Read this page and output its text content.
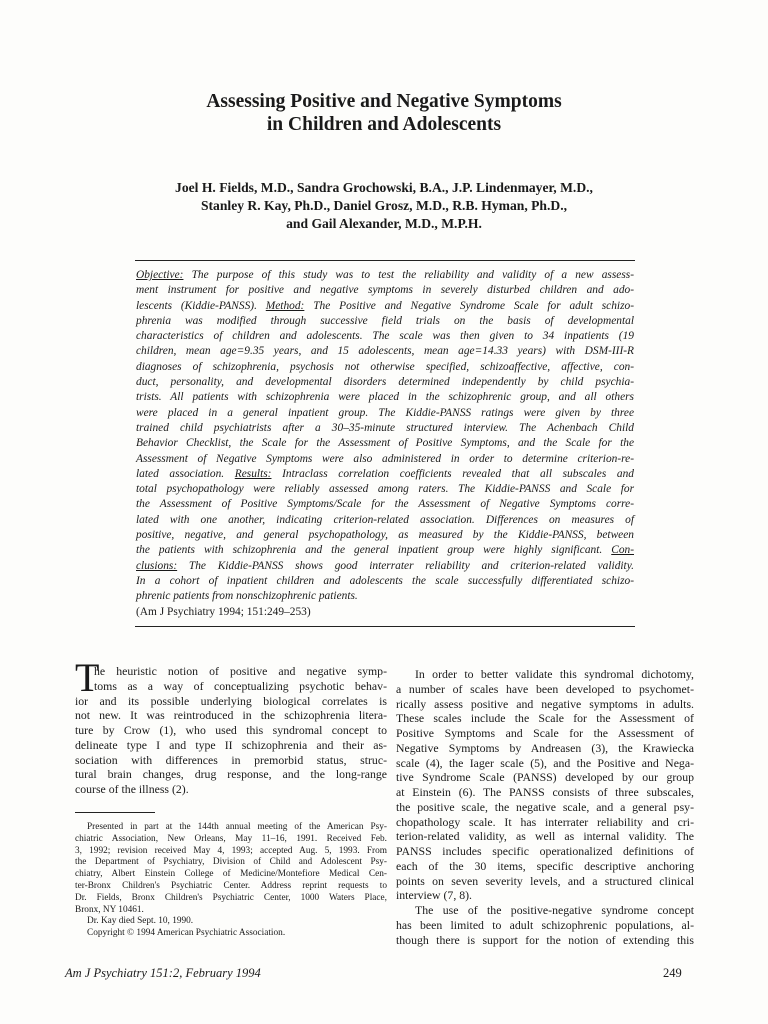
Assessing Positive and Negative Symptoms
in Children and Adolescents
Joel H. Fields, M.D., Sandra Grochowski, B.A., J.P. Lindenmayer, M.D.,
Stanley R. Kay, Ph.D., Daniel Grosz, M.D., R.B. Hyman, Ph.D.,
and Gail Alexander, M.D., M.P.H.
Objective: The purpose of this study was to test the reliability and validity of a new assess-
ment instrument for positive and negative symptoms in severely disturbed children and ado-
lescents (Kiddie-PANSS). Method: The Positive and Negative Syndrome Scale for adult schizo-
phrenia was modified through successive field trials on the basis of developmental
characteristics of children and adolescents. The scale was then given to 34 inpatients (19
children, mean age=9.35 years, and 15 adolescents, mean age=14.33 years) with DSM-III-R
diagnoses of schizophrenia, psychosis not otherwise specified, schizoaffective, affective, con-
duct, personality, and developmental disorders determined independently by child psychia-
trists. All patients with schizophrenia were placed in the schizophrenic group, and all others
were placed in a general inpatient group. The Kiddie-PANSS ratings were given by three
trained child psychiatrists after a 30–35-minute structured interview. The Achenbach Child
Behavior Checklist, the Scale for the Assessment of Positive Symptoms, and the Scale for the
Assessment of Negative Symptoms were also administered in order to determine criterion-re-
lated association. Results: Intraclass correlation coefficients revealed that all subscales and
total psychopathology were reliably assessed among raters. The Kiddie-PANSS and Scale for
the Assessment of Positive Symptoms/Scale for the Assessment of Negative Symptoms corre-
lated with one another, indicating criterion-related association. Differences on measures of
positive, negative, and general psychopathology, as measured by the Kiddie-PANSS, between
the patients with schizophrenia and the general inpatient group were highly significant. Con-
clusions: The Kiddie-PANSS shows good interrater reliability and criterion-related validity.
In a cohort of inpatient children and adolescents the scale successfully differentiated schizo-
phrenic patients from nonschizophrenic patients.
(Am J Psychiatry 1994; 151:249–253)
T
he heuristic notion of positive and negative symp-
toms as a way of conceptualizing psychotic behav-
ior and its possible underlying biological correlates is
not new. It was reintroduced in the schizophrenia litera-
ture by Crow (1), who used this syndromal concept to
delineate type I and type II schizophrenia and their as-
sociation with differences in premorbid status, struc-
tural brain changes, drug response, and the long-range
course of the illness (2).
Presented in part at the 144th annual meeting of the American Psy-
chiatric Association, New Orleans, May 11–16, 1991. Received Feb.
3, 1992; revision received May 4, 1993; accepted Aug. 5, 1993. From
the Department of Psychiatry, Division of Child and Adolescent Psy-
chiatry, Albert Einstein College of Medicine/Montefiore Medical Cen-
ter-Bronx Children's Psychiatric Center. Address reprint requests to
Dr. Fields, Bronx Children's Psychiatric Center, 1000 Waters Place,
Bronx, NY 10461.
Dr. Kay died Sept. 10, 1990.
Copyright © 1994 American Psychiatric Association.
In order to better validate this syndromal dichotomy,
a number of scales have been developed to psychomet-
rically assess positive and negative symptoms in adults.
These scales include the Scale for the Assessment of
Positive Symptoms and Scale for the Assessment of
Negative Symptoms by Andreasen (3), the Krawiecka
scale (4), the Iager scale (5), and the Positive and Nega-
tive Syndrome Scale (PANSS) developed by our group
at Einstein (6). The PANSS consists of three subscales,
the positive scale, the negative scale, and a general psy-
chopathology scale. It has interrater reliability and cri-
terion-related validity, as well as internal validity. The
PANSS includes specific operationalized definitions of
each of the 30 items, specific descriptive anchoring
points on seven severity levels, and a structured clinical
interview (7, 8).
The use of the positive-negative syndrome concept
has been limited to adult schizophrenic populations, al-
though there is support for the notion of extending this
Am J Psychiatry 151:2, February 1994	249
